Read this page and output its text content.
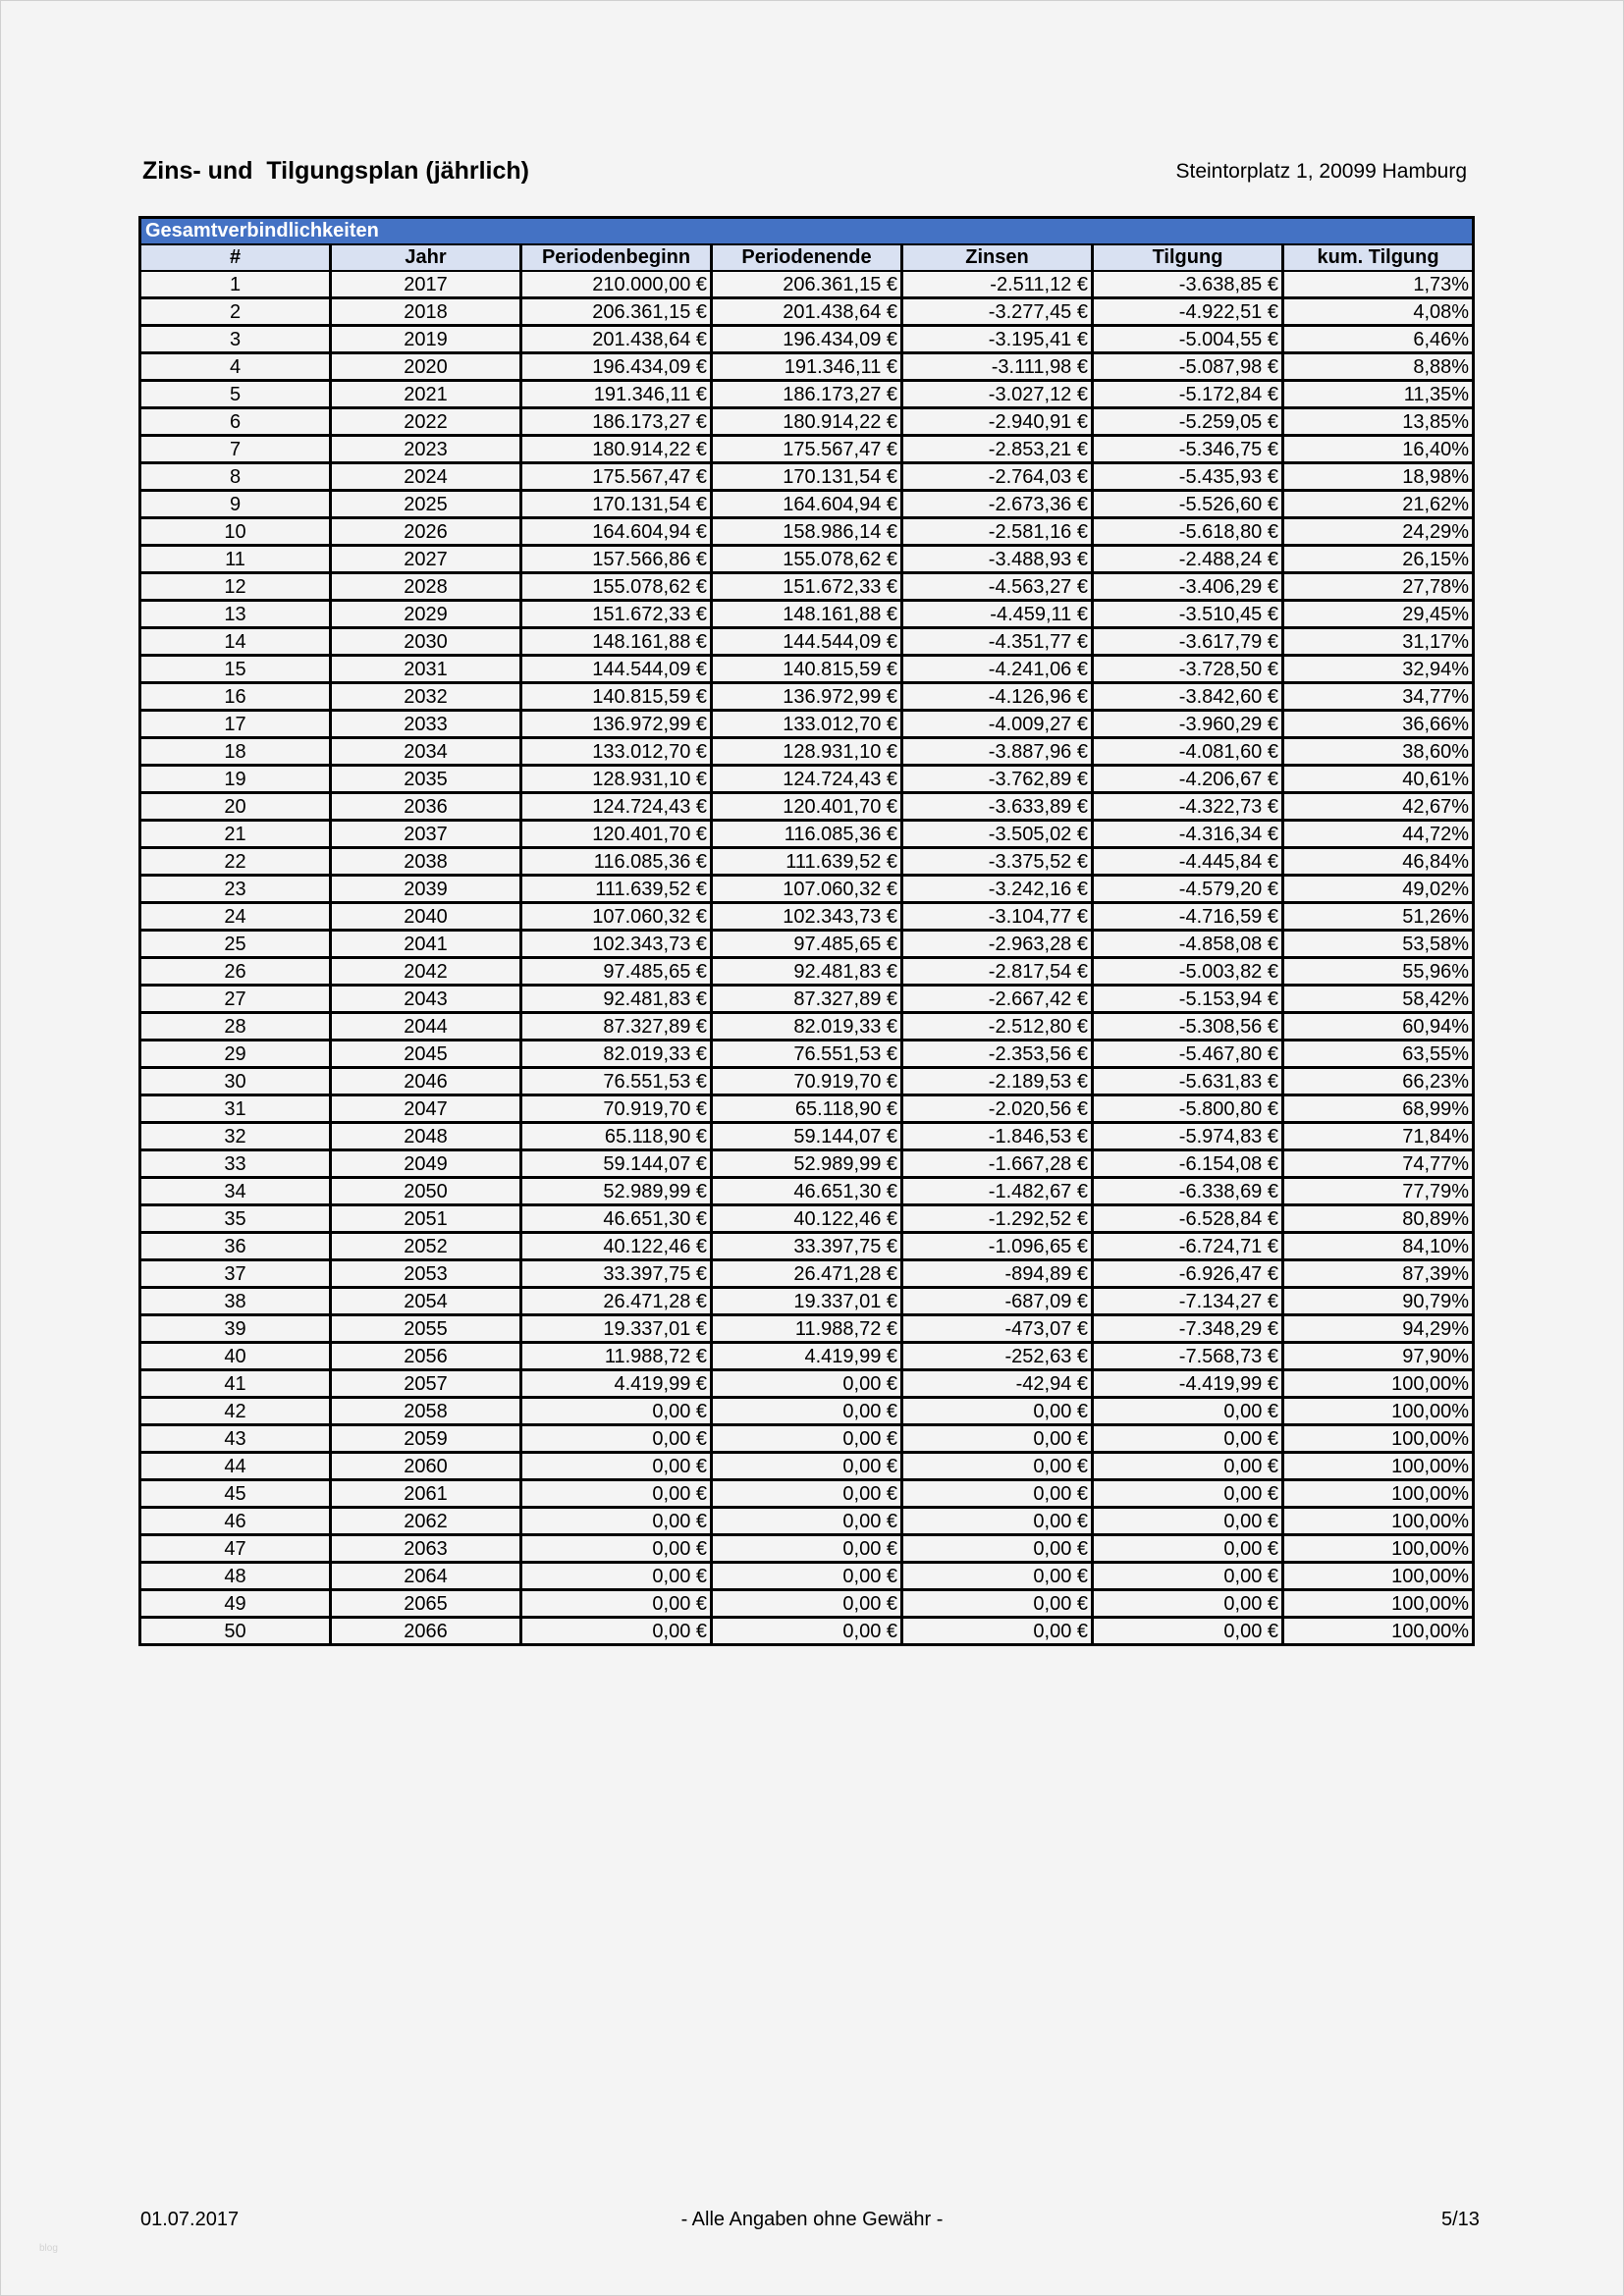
Zins- und  Tilgungsplan (jährlich)	Steintorplatz 1, 20099 Hamburg
Gesamtverbindlichkeiten						
#	Jahr	Periodenbeginn	Periodenende	Zinsen	Tilgung	kum. Tilgung
1	2017	210.000,00 €	206.361,15 €	-2.511,12 €	-3.638,85 €	1,73%
2	2018	206.361,15 €	201.438,64 €	-3.277,45 €	-4.922,51 €	4,08%
3	2019	201.438,64 €	196.434,09 €	-3.195,41 €	-5.004,55 €	6,46%
4	2020	196.434,09 €	191.346,11 €	-3.111,98 €	-5.087,98 €	8,88%
5	2021	191.346,11 €	186.173,27 €	-3.027,12 €	-5.172,84 €	11,35%
6	2022	186.173,27 €	180.914,22 €	-2.940,91 €	-5.259,05 €	13,85%
7	2023	180.914,22 €	175.567,47 €	-2.853,21 €	-5.346,75 €	16,40%
8	2024	175.567,47 €	170.131,54 €	-2.764,03 €	-5.435,93 €	18,98%
9	2025	170.131,54 €	164.604,94 €	-2.673,36 €	-5.526,60 €	21,62%
10	2026	164.604,94 €	158.986,14 €	-2.581,16 €	-5.618,80 €	24,29%
11	2027	157.566,86 €	155.078,62 €	-3.488,93 €	-2.488,24 €	26,15%
12	2028	155.078,62 €	151.672,33 €	-4.563,27 €	-3.406,29 €	27,78%
13	2029	151.672,33 €	148.161,88 €	-4.459,11 €	-3.510,45 €	29,45%
14	2030	148.161,88 €	144.544,09 €	-4.351,77 €	-3.617,79 €	31,17%
15	2031	144.544,09 €	140.815,59 €	-4.241,06 €	-3.728,50 €	32,94%
16	2032	140.815,59 €	136.972,99 €	-4.126,96 €	-3.842,60 €	34,77%
17	2033	136.972,99 €	133.012,70 €	-4.009,27 €	-3.960,29 €	36,66%
18	2034	133.012,70 €	128.931,10 €	-3.887,96 €	-4.081,60 €	38,60%
19	2035	128.931,10 €	124.724,43 €	-3.762,89 €	-4.206,67 €	40,61%
20	2036	124.724,43 €	120.401,70 €	-3.633,89 €	-4.322,73 €	42,67%
21	2037	120.401,70 €	116.085,36 €	-3.505,02 €	-4.316,34 €	44,72%
22	2038	116.085,36 €	111.639,52 €	-3.375,52 €	-4.445,84 €	46,84%
23	2039	111.639,52 €	107.060,32 €	-3.242,16 €	-4.579,20 €	49,02%
24	2040	107.060,32 €	102.343,73 €	-3.104,77 €	-4.716,59 €	51,26%
25	2041	102.343,73 €	97.485,65 €	-2.963,28 €	-4.858,08 €	53,58%
26	2042	97.485,65 €	92.481,83 €	-2.817,54 €	-5.003,82 €	55,96%
27	2043	92.481,83 €	87.327,89 €	-2.667,42 €	-5.153,94 €	58,42%
28	2044	87.327,89 €	82.019,33 €	-2.512,80 €	-5.308,56 €	60,94%
29	2045	82.019,33 €	76.551,53 €	-2.353,56 €	-5.467,80 €	63,55%
30	2046	76.551,53 €	70.919,70 €	-2.189,53 €	-5.631,83 €	66,23%
31	2047	70.919,70 €	65.118,90 €	-2.020,56 €	-5.800,80 €	68,99%
32	2048	65.118,90 €	59.144,07 €	-1.846,53 €	-5.974,83 €	71,84%
33	2049	59.144,07 €	52.989,99 €	-1.667,28 €	-6.154,08 €	74,77%
34	2050	52.989,99 €	46.651,30 €	-1.482,67 €	-6.338,69 €	77,79%
35	2051	46.651,30 €	40.122,46 €	-1.292,52 €	-6.528,84 €	80,89%
36	2052	40.122,46 €	33.397,75 €	-1.096,65 €	-6.724,71 €	84,10%
37	2053	33.397,75 €	26.471,28 €	-894,89 €	-6.926,47 €	87,39%
38	2054	26.471,28 €	19.337,01 €	-687,09 €	-7.134,27 €	90,79%
39	2055	19.337,01 €	11.988,72 €	-473,07 €	-7.348,29 €	94,29%
40	2056	11.988,72 €	4.419,99 €	-252,63 €	-7.568,73 €	97,90%
41	2057	4.419,99 €	0,00 €	-42,94 €	-4.419,99 €	100,00%
42	2058	0,00 €	0,00 €	0,00 €	0,00 €	100,00%
43	2059	0,00 €	0,00 €	0,00 €	0,00 €	100,00%
44	2060	0,00 €	0,00 €	0,00 €	0,00 €	100,00%
45	2061	0,00 €	0,00 €	0,00 €	0,00 €	100,00%
46	2062	0,00 €	0,00 €	0,00 €	0,00 €	100,00%
47	2063	0,00 €	0,00 €	0,00 €	0,00 €	100,00%
48	2064	0,00 €	0,00 €	0,00 €	0,00 €	100,00%
49	2065	0,00 €	0,00 €	0,00 €	0,00 €	100,00%
50	2066	0,00 €	0,00 €	0,00 €	0,00 €	100,00%
01.07.2017	- Alle Angaben ohne Gewähr -	5/13
blog
